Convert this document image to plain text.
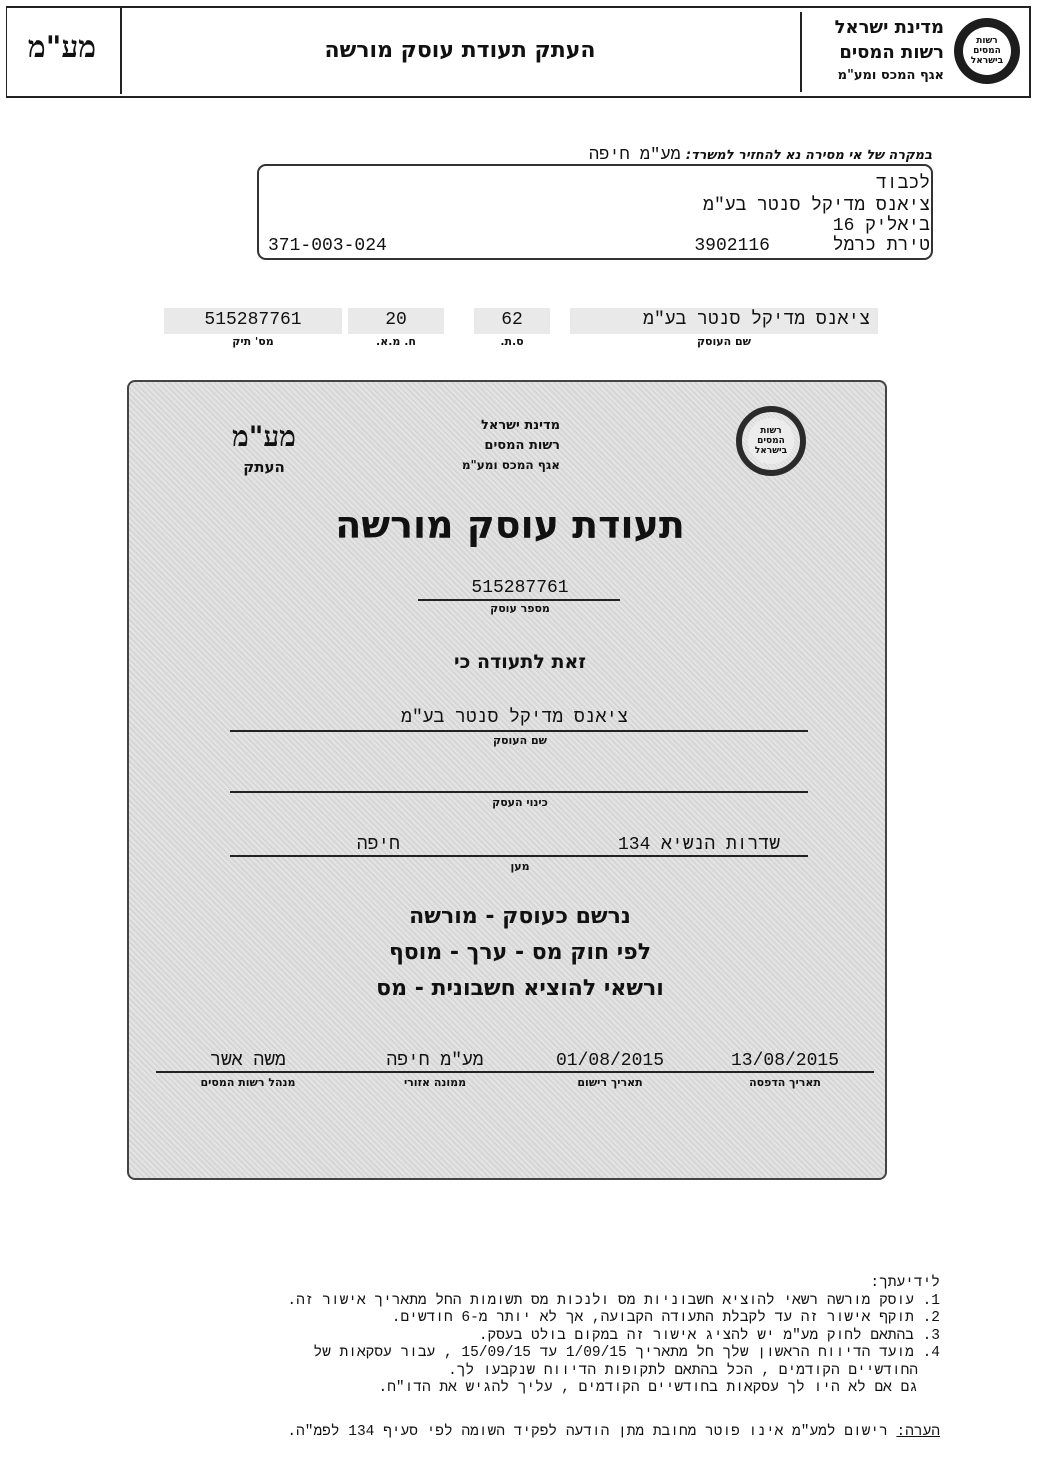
מע"מ	העתק תעודת עוסק מורשה
מדינת ישראל
רשות המסים
אגף המכס ומע"מ
רשות המסים בישראל
במקרה של אי מסירה נא להחזיר למשרד: מע"מ חיפה
לכבוד
ציאנס מדיקל סנטר בע"מ
ביאליק 16
טירת כרמל
3902116
371-003-024
ציאנס מדיקל סנטר בע"מ
שם העוסק
62
ס.ת.
20
ח. מ.א.
515287761
מס' תיק
רשות המסים בישראל
מדינת ישראל
רשות המסים
אגף המכס ומע"מ
מע"מ
העתק
תעודת עוסק מורשה
515287761
מספר עוסק
זאת לתעודה כי
ציאנס מדיקל סנטר בע"מ
שם העוסק
כינוי העסק
שדרות הנשיא 134
חיפה
מען
נרשם כעוסק - מורשה
לפי חוק מס - ערך - מוסף
ורשאי להוציא חשבונית - מס
13/08/2015
תאריך הדפסה
01/08/2015
תאריך רישום
מע"מ חיפה
ממונה אזורי
משה אשר
מנהל רשות המסים
לידיעתך:
1. עוסק מורשה רשאי להוציא חשבוניות מס ולנכות מס תשומות החל מתאריך אישור זה.
2. תוקף אישור זה עד לקבלת התעודה הקבועה, אך לא יותר מ-6 חודשים.
3. בהתאם לחוק מע"מ יש להציג אישור זה במקום בולט בעסק.
4. מועד הדיווח הראשון שלך חל מתאריך 1/09/15 עד 15/09/15 , עבור עסקאות של
החודשיים הקודמים , הכל בהתאם לתקופות הדיווח שנקבעו לך.
גם אם לא היו לך עסקאות בחודשיים הקודמים , עליך להגיש את הדו"ח.
הערה: רישום למע"מ אינו פוטר מחובת מתן הודעה לפקיד השומה לפי סעיף 134 לפמ"ה.
